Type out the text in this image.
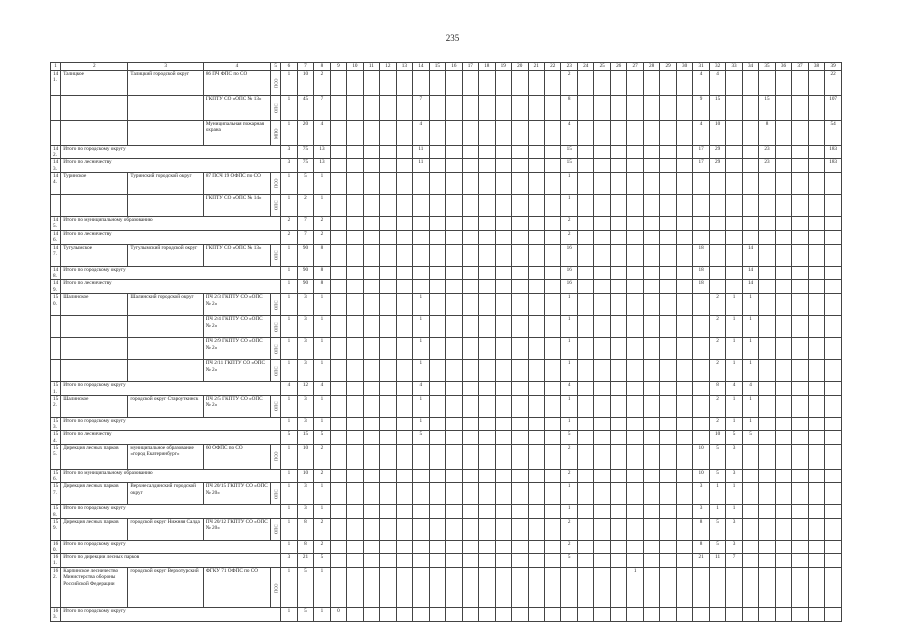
235
1	2	3	4	5	6	7	8	9	10	11	12	13	14	15	16	17	18	19	20	21	22	23	24	25	26	27	28	29	30	31	32	33	34	35	36	37	38	39
141.	Талицкое	Талицкий городской округ	86 ПЧ ФПС по СО	ПСО	1	10	2															2								4	4							22
			ГКПТУ СО «ОПС № 13»	ОПС	1	45	7						7									8								9	15			15				107
			Муниципальная пожарная охрана	МПО	1	20	4						4									4								4	10			8				54
142.	Итого по городскому округу				3	75	13						11									15								17	29			23				183
143.	Итого по лесничеству				3	75	13						11									15								17	29			23				183
144.	Туринское	Туринский городской округ	87 ПСЧ 19 ОФПС по СО	ПСО	1	5	1															1																
			ГКПТУ СО «ОПС № 14»	ОПС	1	2	1															1																
145.	Итого по муниципальному образованию				2	7	2															2																
146.	Итого по лесничеству				2	7	2															2																
147.	Тугулымское	Тугулымский городской округ	ГКПТУ СО «ОПС № 13»	ОПС	1	90	8															16								18			14					
148.	Итого по городскому округу				1	90	8															16								18			14					
149.	Итого по лесничеству				1	90	8															16								18			14					
150.	Шалинское	Шалинский городской округ	ПЧ 2/3 ГКПТУ СО «ОПС № 2»	ОПС	1	3	1						1									1									2	1	1					
			ПЧ 2/4 ГКПТУ СО «ОПС № 2»	ОПС	1	3	1						1									1									2	1	1					
			ПЧ 2/9 ГКПТУ СО «ОПС № 2»	ОПС	1	3	1						1									1									2	1	1					
			ПЧ 2/11 ГКПТУ СО «ОПС № 2»	ОПС	1	3	1						1									1									2	1	1					
151.	Итого по городскому округу				4	12	4						4									4									8	4	4					
152.	Шалинское	городской округ Староуткинск	ПЧ 2/5 ГКПТУ СО «ОПС № 2»	ОПС	1	3	1						1									1									2	1	1					
153.	Итого по городскому округу				1	3	1						1									1									2	1	1					
154.	Итого по лесничеству				5	15	5						5									5									10	5	5					
155.	Дирекция лесных парков	муниципальное образование «город Екатеринбург»	60 ОФПС по СО	ПСО	1	10	2															2								10	5	3						
156.	Итого по муниципальному образованию				1	10	2															2								10	5	3						
157.	Дирекция лесных парков	Верхнесалдинский городской округ	ПЧ 20/15 ГКПТУ СО «ОПС № 20»	ОПС	1	3	1															1								3	1	1						
158.	Итого по городскому округу				1	3	1															1								3	1	1						
159.	Дирекция лесных парков	городской округ Нижняя Салда	ПЧ 20/12 ГКПТУ СО «ОПС № 20»	ОПС	1	8	2															2								8	5	3						
160.	Итого по городскому округу				1	8	2															2								8	5	3						
161.	Итого по дирекции лесных парков				3	21	5															5								21	11	7						
162.	Карпинское лесничество Министерства обороны Российской Федерации	городской округ Верхотурский	ФГКУ 71 ОФПС по СО	ПСО	1	5	1																			1												
163.	Итого по городскому округу				1	5	1	0																														
